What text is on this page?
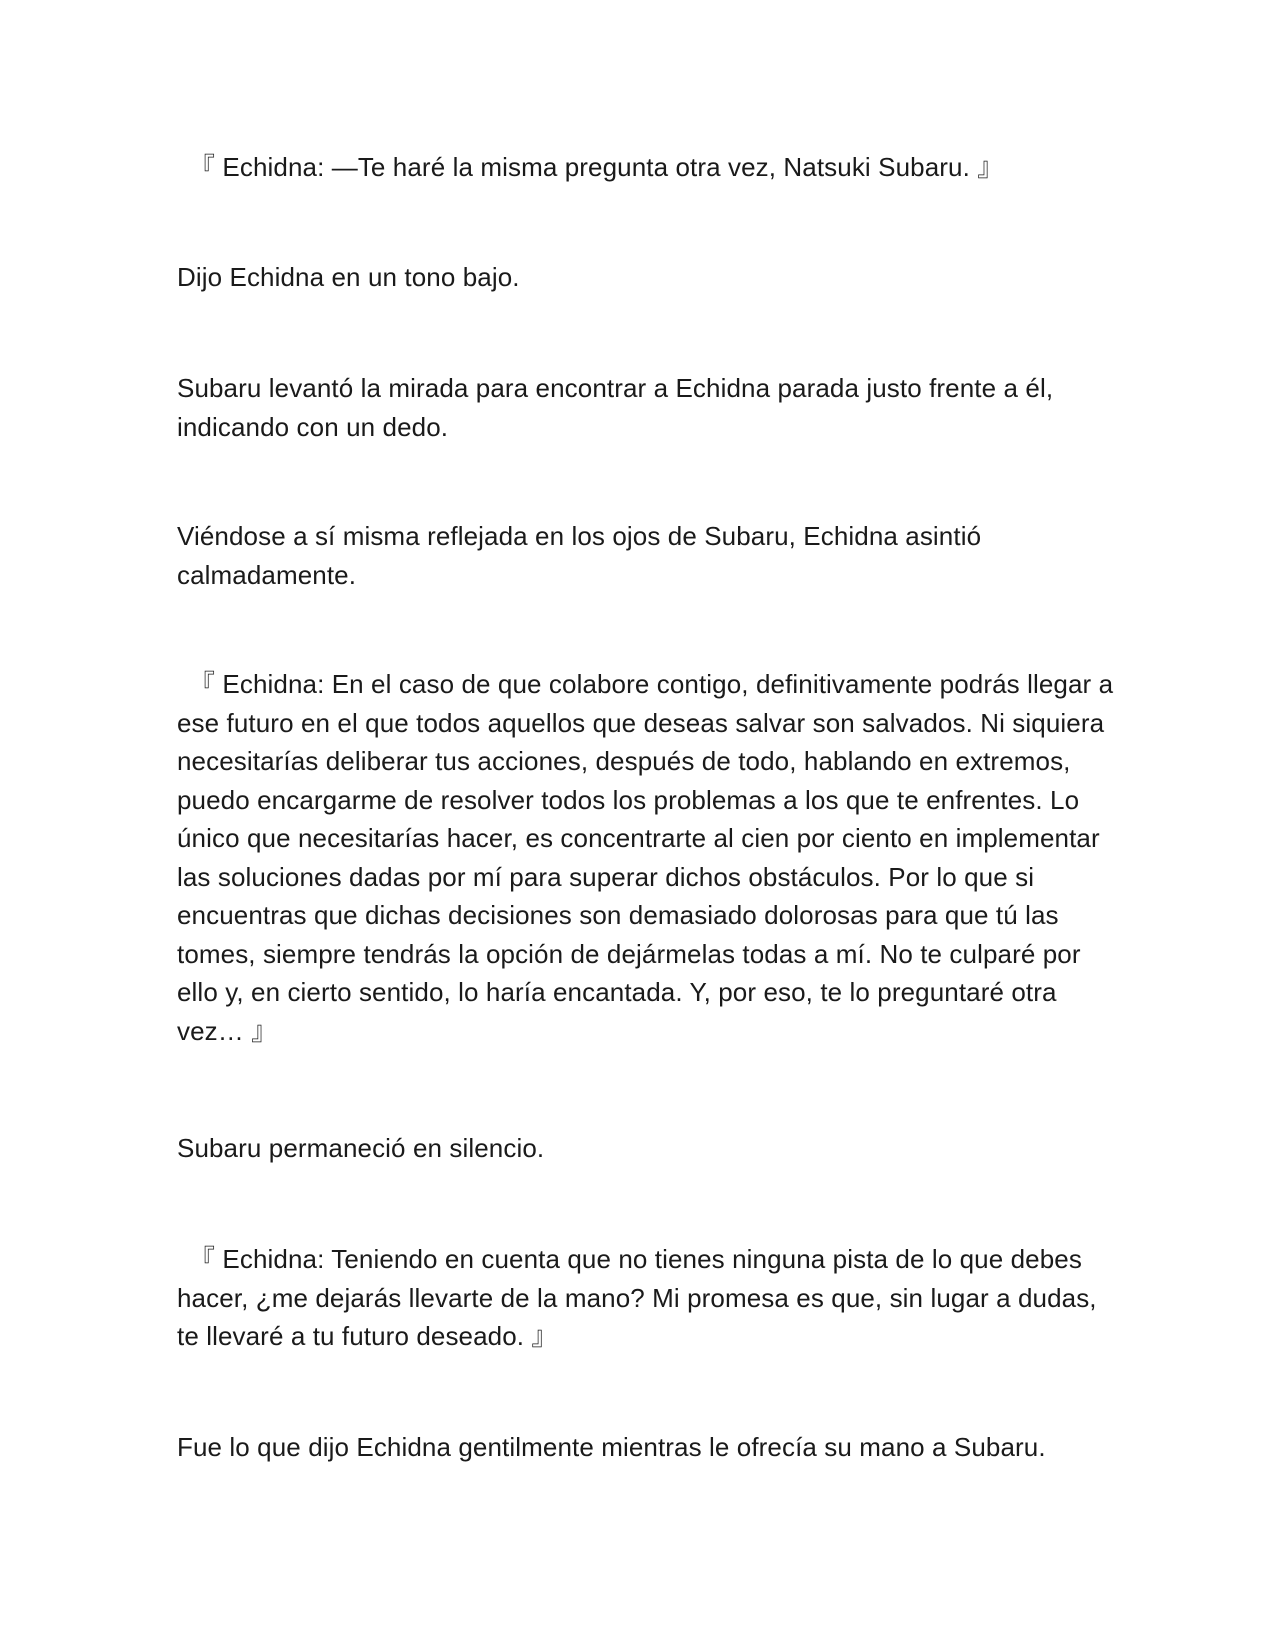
『 Echidna: —Te haré la misma pregunta otra vez, Natsuki Subaru. 』

Dijo Echidna en un tono bajo.

Subaru levantó la mirada para encontrar a Echidna parada justo frente a él, indicando con un dedo.

Viéndose a sí misma reflejada en los ojos de Subaru, Echidna asintió calmadamente.

『 Echidna: En el caso de que colabore contigo, definitivamente podrás llegar a ese futuro en el que todos aquellos que deseas salvar son salvados. Ni siquiera necesitarías deliberar tus acciones, después de todo, hablando en extremos, puedo encargarme de resolver todos los problemas a los que te enfrentes. Lo único que necesitarías hacer, es concentrarte al cien por ciento en implementar las soluciones dadas por mí para superar dichos obstáculos. Por lo que si encuentras que dichas decisiones son demasiado dolorosas para que tú las tomes, siempre tendrás la opción de dejármelas todas a mí. No te culparé por ello y, en cierto sentido, lo haría encantada. Y, por eso, te lo preguntaré otra vez… 』

Subaru permaneció en silencio.

『 Echidna: Teniendo en cuenta que no tienes ninguna pista de lo que debes hacer, ¿me dejarás llevarte de la mano? Mi promesa es que, sin lugar a dudas, te llevaré a tu futuro deseado. 』

Fue lo que dijo Echidna gentilmente mientras le ofrecía su mano a Subaru.
